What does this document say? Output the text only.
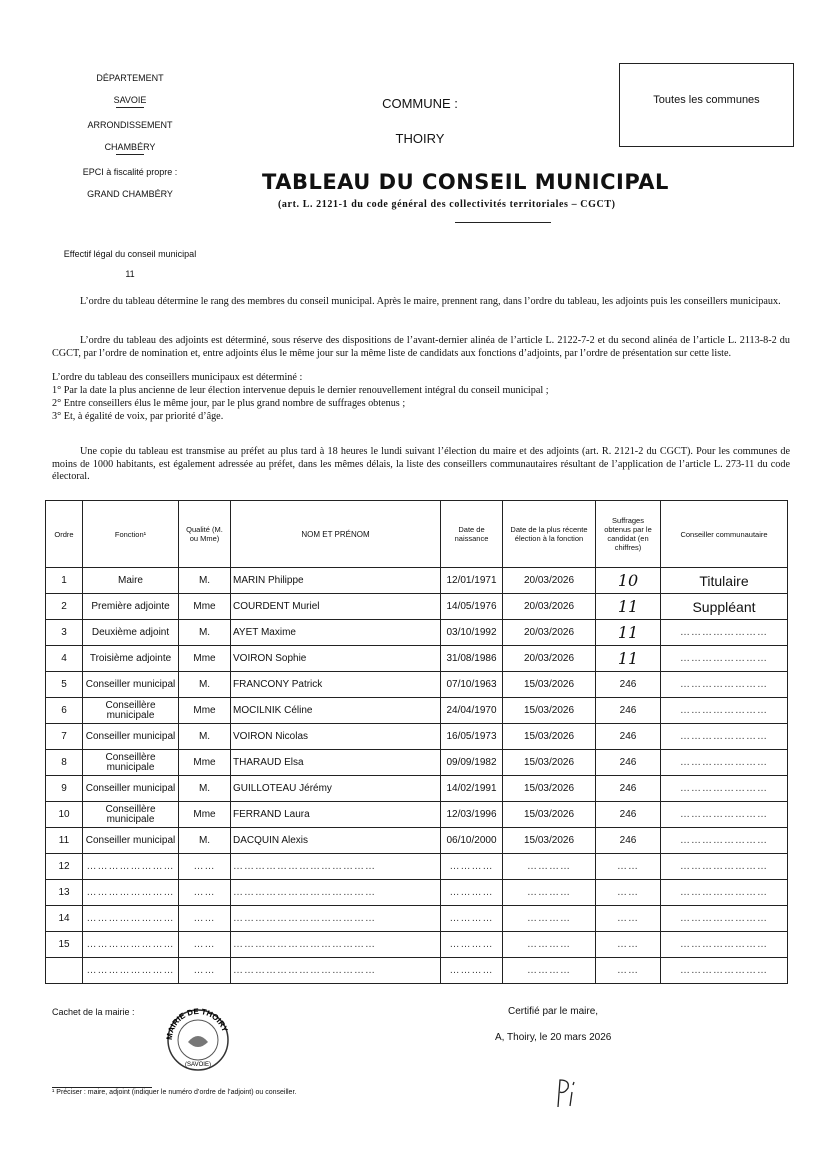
DÉPARTEMENT
SAVOIE
ARRONDISSEMENT
CHAMBÉRY
EPCI à fiscalité propre :
GRAND CHAMBÉRY
Effectif légal du conseil municipal
11
COMMUNE :
THOIRY
Toutes les communes
TABLEAU DU CONSEIL MUNICIPAL
(art. L. 2121-1 du code général des collectivités territoriales – CGCT)
L’ordre du tableau détermine le rang des membres du conseil municipal. Après le maire, prennent rang, dans l’ordre du tableau, les adjoints puis les conseillers municipaux.
L’ordre du tableau des adjoints est déterminé, sous réserve des dispositions de l’avant-dernier alinéa de l’article L. 2122-7-2 et du second alinéa de l’article L. 2113-8-2 du CGCT, par l’ordre de nomination et, entre adjoints élus le même jour sur la même liste de candidats aux fonctions d’adjoints, par l’ordre de présentation sur cette liste.
L’ordre du tableau des conseillers municipaux est déterminé :
1° Par la date la plus ancienne de leur élection intervenue depuis le dernier renouvellement intégral du conseil municipal ;
2° Entre conseillers élus le même jour, par le plus grand nombre de suffrages obtenus ;
3° Et, à égalité de voix, par priorité d’âge.
Une copie du tableau est transmise au préfet au plus tard à 18 heures le lundi suivant l’élection du maire et des adjoints (art. R. 2121-2 du CGCT). Pour les communes de moins de 1000 habitants, est également adressée au préfet, dans les mêmes délais, la liste des conseillers communautaires résultant de l’application de l’article L. 273-11 du code électoral.
Ordre	Fonction¹	Qualité (M. ou Mme)	NOM ET PRÉNOM	Date de naissance	Date de la plus récente élection à la fonction	Suffrages obtenus par le candidat (en chiffres)	Conseiller communautaire
1	Maire	M.	MARIN Philippe	12/01/1971	20/03/2026	10	Titulaire
2	Première adjointe	Mme	COURDENT Muriel	14/05/1976	20/03/2026	11	Suppléant
3	Deuxième adjoint	M.	AYET Maxime	03/10/1992	20/03/2026	11	……………………
4	Troisième adjointe	Mme	VOIRON Sophie	31/08/1986	20/03/2026	11	……………………
5	Conseiller municipal	M.	FRANCONY Patrick	07/10/1963	15/03/2026	246	……………………
6	Conseillère municipale	Mme	MOCILNIK Céline	24/04/1970	15/03/2026	246	……………………
7	Conseiller municipal	M.	VOIRON Nicolas	16/05/1973	15/03/2026	246	……………………
8	Conseillère municipale	Mme	THARAUD Elsa	09/09/1982	15/03/2026	246	……………………
9	Conseiller municipal	M.	GUILLOTEAU Jérémy	14/02/1991	15/03/2026	246	……………………
10	Conseillère municipale	Mme	FERRAND Laura	12/03/1996	15/03/2026	246	……………………
11	Conseiller municipal	M.	DACQUIN Alexis	06/10/2000	15/03/2026	246	……………………
12	……………………	……	…………………………………	…………	…………	……	……………………
13	……………………	……	…………………………………	…………	…………	……	……………………
14	……………………	……	…………………………………	…………	…………	……	……………………
15	……………………	……	…………………………………	…………	…………	……	……………………
	……………………	……	…………………………………	…………	…………	……	……………………
Cachet de la mairie :
MAIRIE DE THOIRY
(SAVOIE)
Certifié par le maire,
A, Thoiry, le 20 mars 2026
¹ Préciser : maire, adjoint (indiquer le numéro d’ordre de l’adjoint) ou conseiller.
